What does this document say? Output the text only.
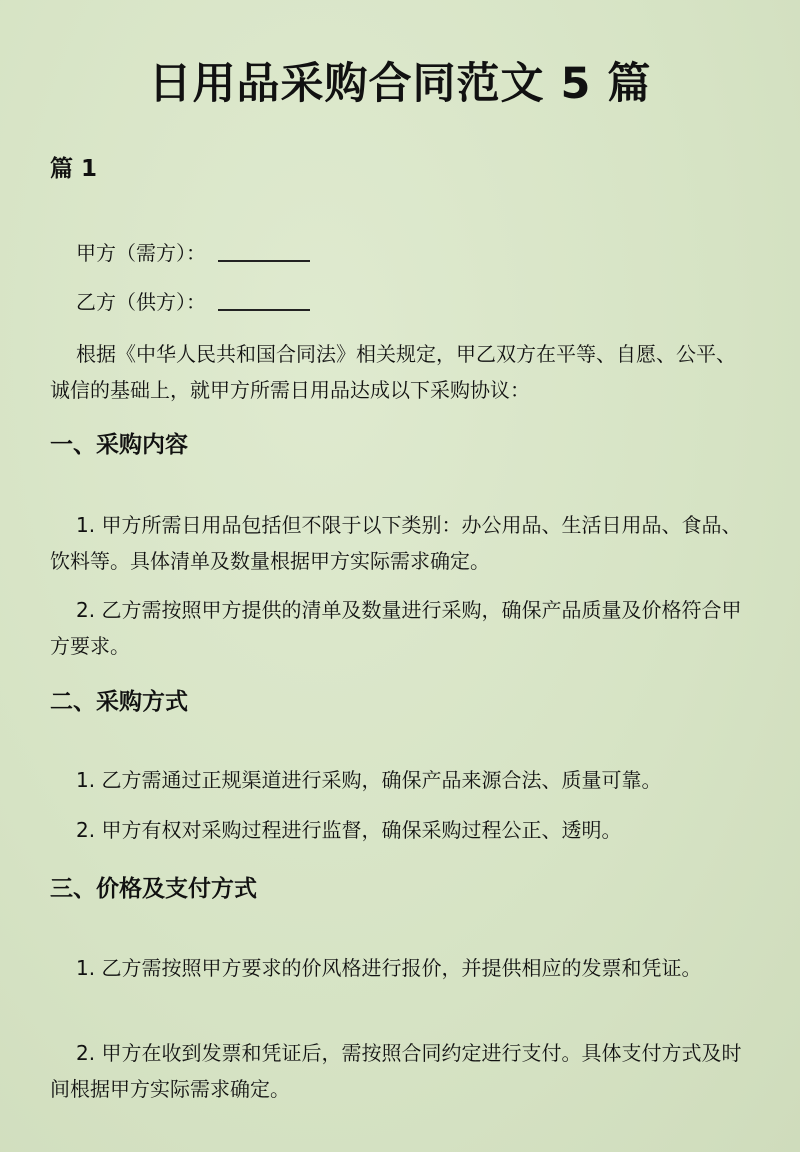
日用品采购合同范文 5 篇
篇 1
甲方（需方）：
乙方（供方）：
根据《中华人民共和国合同法》相关规定，甲乙双方在平等、自愿、公平、诚信的基础上，就甲方所需日用品达成以下采购协议：
一、采购内容
1. 甲方所需日用品包括但不限于以下类别：办公用品、生活日用品、食品、饮料等。具体清单及数量根据甲方实际需求确定。
2. 乙方需按照甲方提供的清单及数量进行采购，确保产品质量及价格符合甲方要求。
二、采购方式
1. 乙方需通过正规渠道进行采购，确保产品来源合法、质量可靠。
2. 甲方有权对采购过程进行监督，确保采购过程公正、透明。
三、价格及支付方式
1. 乙方需按照甲方要求的价风格进行报价，并提供相应的发票和凭证。
2. 甲方在收到发票和凭证后，需按照合同约定进行支付。具体支付方式及时间根据甲方实际需求确定。
